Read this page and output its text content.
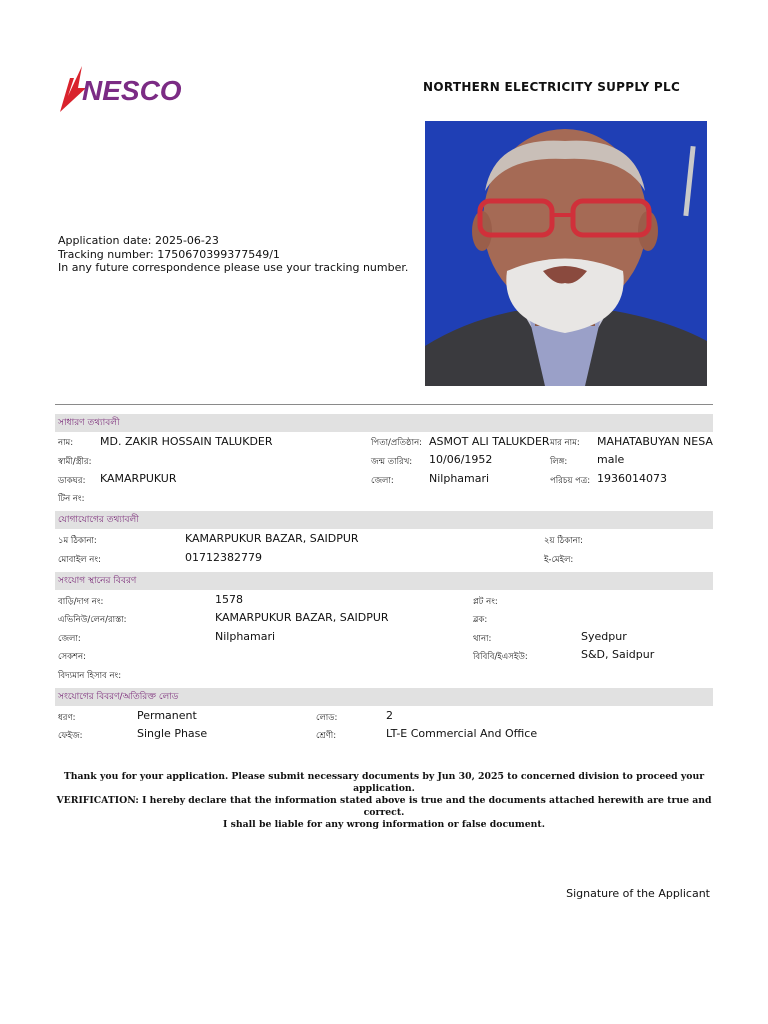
NESCO	NORTHERN ELECTRICITY SUPPLY PLC
Application date: 2025-06-23
Tracking number: 1750670399377549/1
In any future correspondence please use your tracking number.
সাধারণ তথ্যাবলী
নাম: MD. ZAKIR HOSSAIN TALUKDER	পিতা/প্রতিষ্ঠান: ASMOT ALI TALUKDER মার নাম: MAHATABUYAN NESA
স্বামী/স্ত্রীর:	জন্ম তারিখ: 10/06/1952	লিঙ্গ:	male
ডাকঘর: KAMARPUKUR	জেলা:	Nilphamari	পরিচয় পত্র: 1936014073
টিন নং:
যোগাযোগের তথ্যাবলী
১ম ঠিকানা:	KAMARPUKUR BAZAR, SAIDPUR	২য় ঠিকানা:
মোবাইল নং:	01712382779	ই-মেইল:
সংযোগ স্থানের বিবরণ
বাড়ি/দাগ নং:	1578	প্লট নং:
এভিনিউ/লেন/রাস্তা:	KAMARPUKUR BAZAR, SAIDPUR	ব্লক:
জেলা:	Nilphamari	থানা:	Syedpur
সেকশন:	বিবিবি/ইএসইউ:	S&D, Saidpur
বিদ্যমান হিসাব নং:
সংযোগের বিবরণ/অতিরিক্ত লোড
ধরণ:	Permanent	লোড:	2
ফেইজ:	Single Phase	শ্রেণী:	LT-E Commercial And Office
Thank you for your application. Please submit necessary documents by Jun 30, 2025 to concerned division to proceed your application.
VERIFICATION: I hereby declare that the information stated above is true and the documents attached herewith are true and correct.
I shall be liable for any wrong information or false document.
Signature of the Applicant
